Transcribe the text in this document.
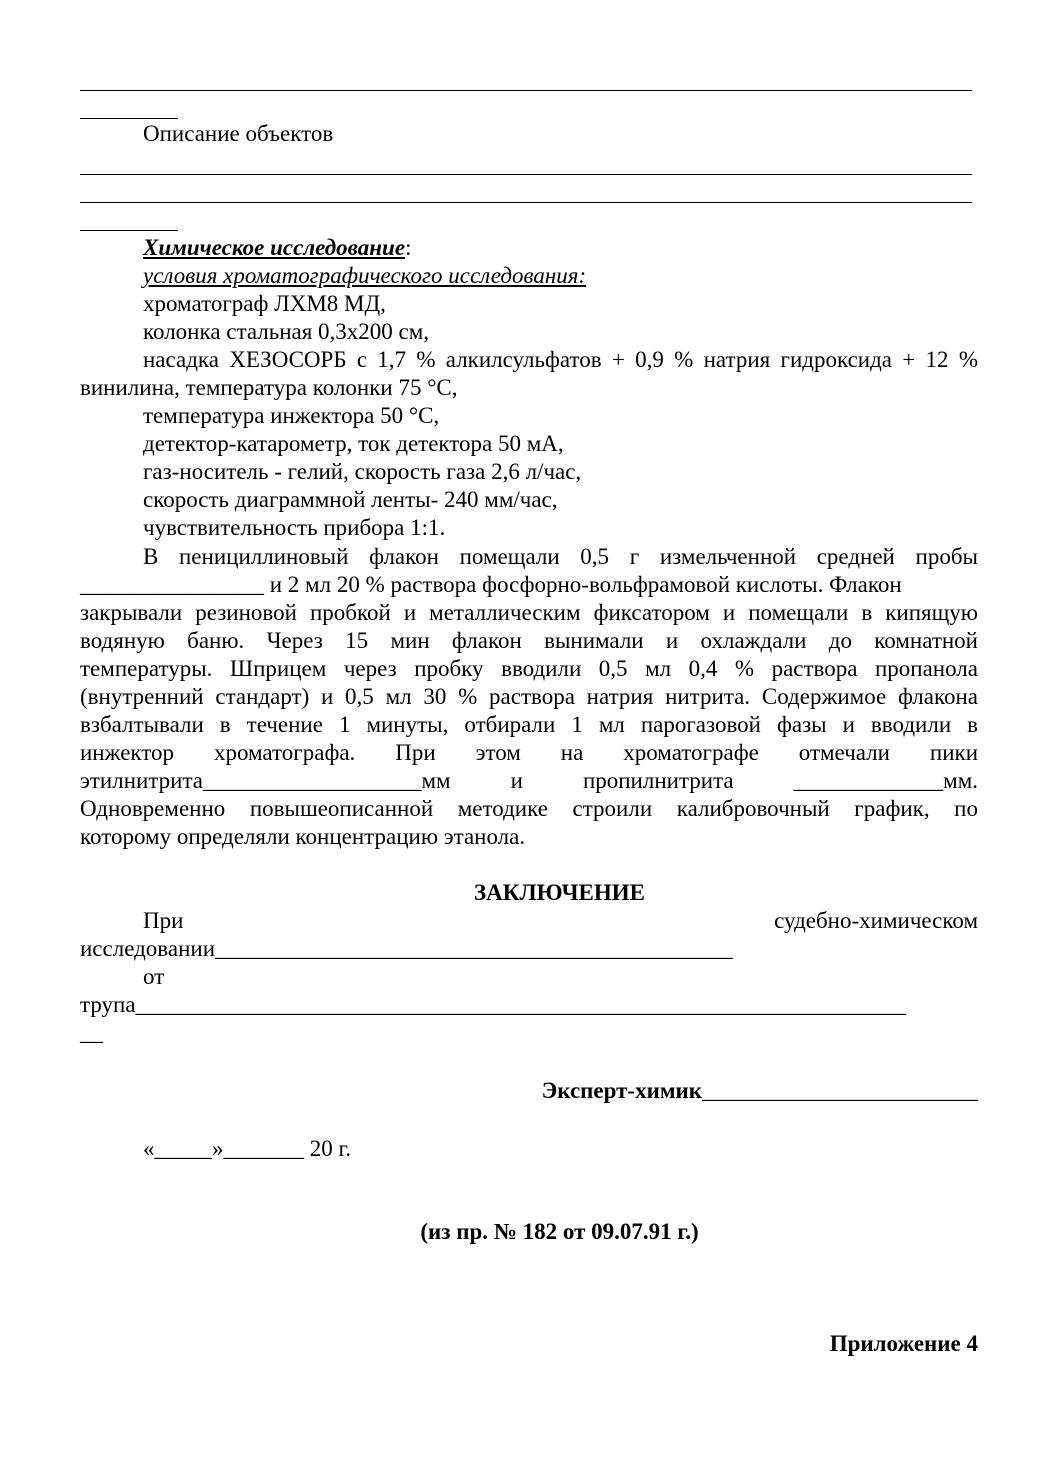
Описание объектов
Химическое исследование:
условия хроматографического исследования:
хроматограф ЛХМ8 МД,
колонка стальная 0,3х200 см,
насадка ХЕЗОСОРБ с 1,7 % алкилсульфатов + 0,9 % натрия гидроксида + 12 %
винилина, температура колонки 75 °С,
температура инжектора 50 °С,
детектор-катарометр, ток детектора 50 мА,
газ-носитель - гелий, скорость газа 2,6 л/час,
скорость диаграммной ленты- 240 мм/час,
чувствительность прибора 1:1.
В пенициллиновый флакон помещали 0,5 г измельченной средней пробы
________________ и 2 мл 20 % раствора фосфорно-вольфрамовой кислоты. Флакон
закрывали резиновой пробкой и металлическим фиксатором и помещали в кипящую
водяную баню. Через 15 мин флакон вынимали и охлаждали до комнатной
температуры. Шприцем через пробку вводили 0,5 мл 0,4 % раствора пропанола
(внутренний стандарт) и 0,5 мл 30 % раствора натрия нитрита. Содержимое флакона
взбалтывали в течение 1 минуты, отбирали 1 мл парогазовой фазы и вводили в
инжектор хроматографа. При этом на хроматографе отмечали пики
этилнитрита___________________мм	и	пропилнитрита	_____________мм.
Одновременно повышеописанной методике строили калибровочный график, по
которому определяли концентрацию этанола.
ЗАКЛЮЧЕНИЕ
При	судебно-химическом
исследовании_____________________________________________
от
трупа___________________________________________________________________
__
Эксперт-химик________________________
«_____»_______ 20 г.
(из пр. № 182 от 09.07.91 г.)
Приложение 4
